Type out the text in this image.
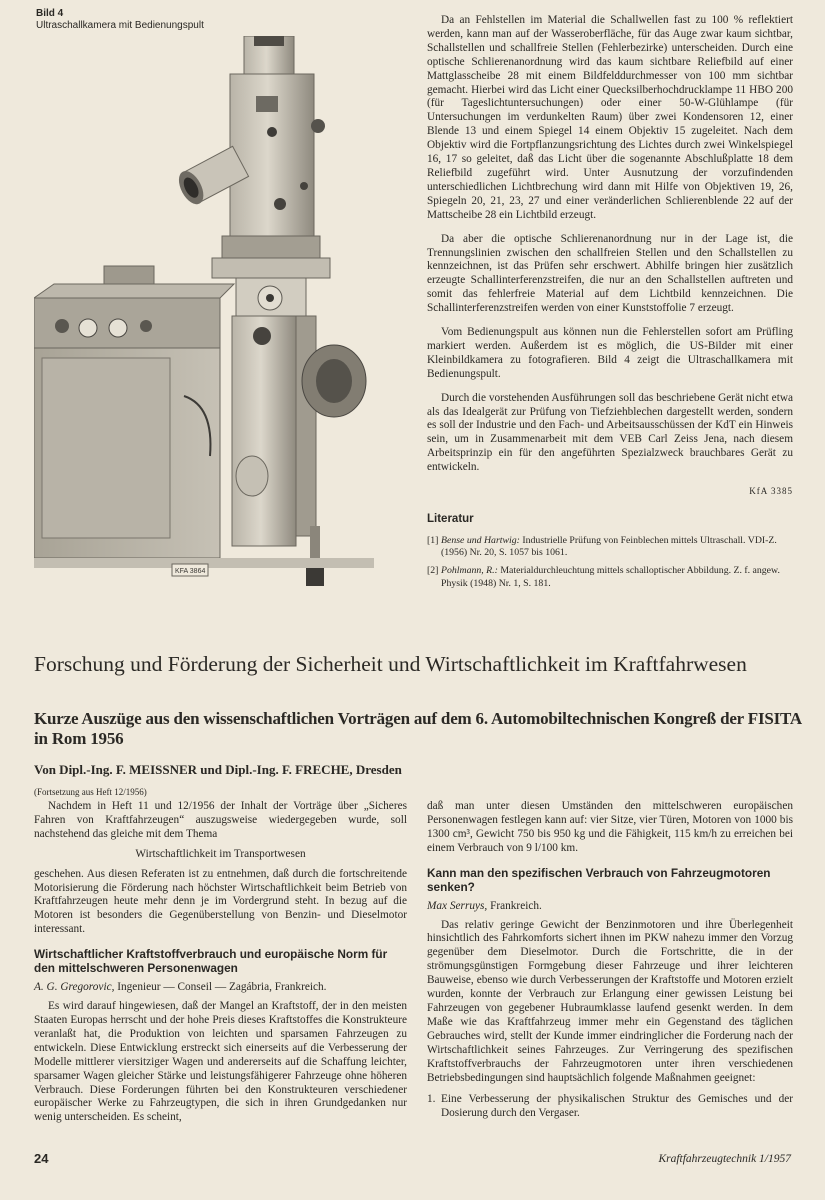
Bild 4
Ultraschallkamera mit Bedienungspult
KFA 3864

Da an Fehlstellen im Material die Schallwellen fast zu 100 % reflektiert werden, kann man auf der Wasseroberfläche, für das Auge zwar kaum sichtbar, Schallstellen und schallfreie Stellen (Fehlerbezirke) unterscheiden. Durch eine optische Schlierenanordnung wird das kaum sichtbare Reliefbild auf einer Mattglasscheibe 28 mit einem Bildfelddurchmesser von 100 mm sichtbar gemacht. Hierbei wird das Licht einer Quecksilberhochdrucklampe 11 HBO 200 (für Tageslichtuntersuchungen) oder einer 50-W-Glühlampe (für Untersuchungen im verdunkelten Raum) über zwei Kondensoren 12, einer Blende 13 und einem Spiegel 14 einem Objektiv 15 zugeleitet. Nach dem Objektiv wird die Fortpflanzungsrichtung des Lichtes durch zwei Winkelspiegel 16, 17 so geleitet, daß das Licht über die sogenannte Abschlußplatte 18 dem Reliefbild zugeführt wird. Unter Ausnutzung der vorzufindenden unterschiedlichen Lichtbrechung wird dann mit Hilfe von Objektiven 19, 26, Spiegeln 20, 21, 23, 27 und einer veränderlichen Schlierenblende 22 auf der Mattscheibe 28 ein Lichtbild erzeugt.

Da aber die optische Schlierenanordnung nur in der Lage ist, die Trennungslinien zwischen den schallfreien Stellen und den Schallstellen zu kennzeichnen, ist das Prüfen sehr erschwert. Abhilfe bringen hier zusätzlich erzeugte Schallinterferenzstreifen, die nur an den Schallstellen auftreten und somit das fehlerfreie Material auf dem Lichtbild kennzeichnen. Die Schallinterferenzstreifen werden von einer Kunststoffolie 7 erzeugt.

Vom Bedienungspult aus können nun die Fehlerstellen sofort am Prüfling markiert werden. Außerdem ist es möglich, die US-Bilder mit einer Kleinbildkamera zu fotografieren. Bild 4 zeigt die Ultraschallkamera mit Bedienungspult.

Durch die vorstehenden Ausführungen soll das beschriebene Gerät nicht etwa als das Idealgerät zur Prüfung von Tiefziehblechen dargestellt werden, sondern es soll der Industrie und den Fach- und Arbeitsausschüssen der KdT ein Hinweis sein, um in Zusammenarbeit mit dem VEB Carl Zeiss Jena, nach diesem Arbeitsprinzip ein für den angeführten Spezialzweck brauchbares Gerät zu entwickeln.

KfA 3385

Literatur
[1] Bense und Hartwig: Industrielle Prüfung von Feinblechen mittels Ultraschall. VDI-Z. (1956) Nr. 20, S. 1057 bis 1061.
[2] Pohlmann, R.: Materialdurchleuchtung mittels schalloptischer Abbildung. Z. f. angew. Physik (1948) Nr. 1, S. 181.
Forschung und Förderung der Sicherheit und Wirtschaftlichkeit im Kraftfahrwesen
Kurze Auszüge aus den wissenschaftlichen Vorträgen auf dem 6. Automobiltechnischen Kongreß der FISITA in Rom 1956
Von Dipl.-Ing. F. MEISSNER und Dipl.-Ing. F. FRECHE, Dresden
(Fortsetzung aus Heft 12/1956)

Nachdem in Heft 11 und 12/1956 der Inhalt der Vorträge über „Sicheres Fahren von Kraftfahrzeugen“ auszugsweise wiedergegeben wurde, soll nachstehend das gleiche mit dem Thema

Wirtschaftlichkeit im Transportwesen

geschehen. Aus diesen Referaten ist zu entnehmen, daß durch die fortschreitende Motorisierung die Förderung nach höchster Wirtschaftlichkeit beim Betrieb von Kraftfahrzeugen heute mehr denn je im Vordergrund steht. In bezug auf die Motoren ist besonders die Gegenüberstellung von Benzin- und Dieselmotor interessant.

Wirtschaftlicher Kraftstoffverbrauch und europäische Norm für den mittelschweren Personenwagen

A. G. Gregorovic, Ingenieur — Conseil — Zagábria, Frankreich.

Es wird darauf hingewiesen, daß der Mangel an Kraftstoff, der in den meisten Staaten Europas herrscht und der hohe Preis dieses Kraftstoffes die Konstrukteure veranlaßt hat, die Produktion von leichten und sparsamen Fahrzeugen zu entwickeln. Diese Entwicklung erstreckt sich einerseits auf die Verbesserung der Modelle mittlerer viersitziger Wagen und andererseits auf die Schaffung leichter, sparsamer Wagen gleicher Stärke und leistungsfähigerer Fahrzeuge ohne höheren Verbrauch. Diese Forderungen führten bei den Konstrukteuren verschiedener europäischer Werke zu Fahrzeugtypen, die sich in ihren Grundgedanken nur wenig unterscheiden. Es scheint,

daß man unter diesen Umständen den mittelschweren europäischen Personenwagen festlegen kann auf: vier Sitze, vier Türen, Motoren von 1000 bis 1300 cm³, Gewicht 750 bis 950 kg und die Fähigkeit, 115 km/h zu erreichen bei einem Verbrauch von 9 l/100 km.

Kann man den spezifischen Verbrauch von Fahrzeugmotoren senken?

Max Serruys, Frankreich.

Das relativ geringe Gewicht der Benzinmotoren und ihre Überlegenheit hinsichtlich des Fahrkomforts sichert ihnen im PKW nahezu immer den Vorzug gegenüber dem Dieselmotor. Durch die Fortschritte, die in der strömungsgünstigen Formgebung dieser Fahrzeuge und ihrer leichteren Bauweise, ebenso wie durch Verbesserungen der Kraftstoffe und Motoren erzielt wurden, konnte der Verbrauch zur Erlangung einer gewissen Leistung bei Fahrzeugen von gegebener Hubraumklasse laufend gesenkt werden. In dem Maße wie das Kraftfahrzeug immer mehr ein Gegenstand des täglichen Gebrauches wird, stellt der Kunde immer eindringlicher die Forderung nach der Wirtschaftlichkeit seines Fahrzeuges. Zur Verringerung des spezifischen Kraftstoffverbrauchs der Fahrzeugmotoren unter ihren verschiedenen Betriebsbedingungen sind hauptsächlich folgende Maßnahmen geeignet:

1. Eine Verbesserung der physikalischen Struktur des Gemisches und der Dosierung durch den Vergaser.

24	Kraftfahrzeugtechnik 1/1957
